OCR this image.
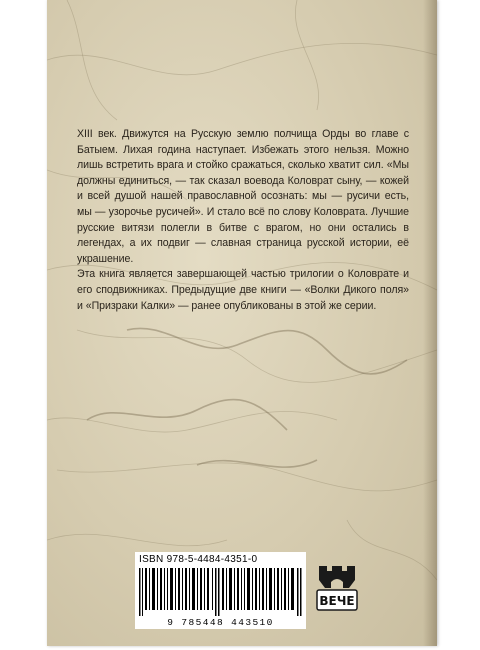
XIII век. Движутся на Русскую землю полчища Орды во главе с Батыем. Лихая година наступает. Избежать этого нельзя. Можно лишь встретить врага и стойко сражаться, сколько хватит сил. «Мы должны единиться, — так сказал воевода Коловрат сыну, — кожей и всей душой нашей православной осознать: мы — русичи есть, мы — узорочье русичей». И стало всё по слову Коловрата. Лучшие русские витязи полегли в битве с врагом, но они остались в легендах, а их подвиг — славная страница русской истории, её украшение.

Эта книга является завершающей частью трилогии о Коловрате и его сподвижниках. Предыдущие две книги — «Волки Дикого поля» и «Призраки Калки» — ранее опубликованы в этой же серии.

ISBN 978-5-4484-4351-0
9 785448 443510
ВЕЧЕ
